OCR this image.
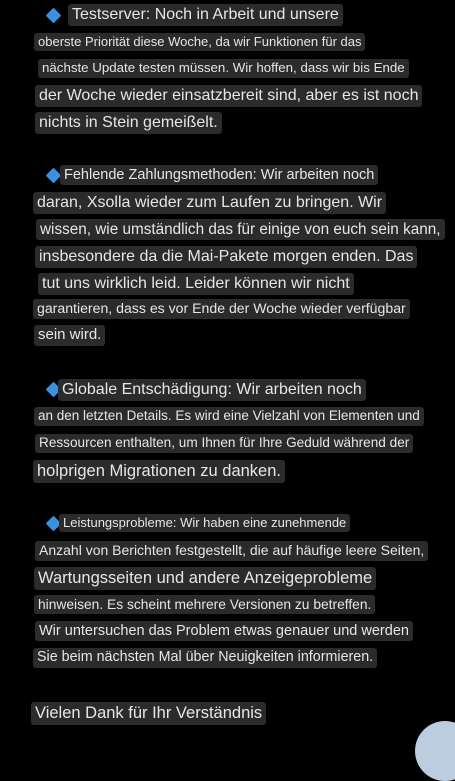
Testserver: Noch in Arbeit und unsere
oberste Priorität diese Woche, da wir Funktionen für das
nächste Update testen müssen. Wir hoffen, dass wir bis Ende
der Woche wieder einsatzbereit sind, aber es ist noch
nichts in Stein gemeißelt.
Fehlende Zahlungsmethoden: Wir arbeiten noch
daran, Xsolla wieder zum Laufen zu bringen. Wir
wissen, wie umständlich das für einige von euch sein kann,
insbesondere da die Mai-Pakete morgen enden. Das
tut uns wirklich leid. Leider können wir nicht
garantieren, dass es vor Ende der Woche wieder verfügbar
sein wird.
Globale Entschädigung: Wir arbeiten noch
an den letzten Details. Es wird eine Vielzahl von Elementen und
Ressourcen enthalten, um Ihnen für Ihre Geduld während der
holprigen Migrationen zu danken.
Leistungsprobleme: Wir haben eine zunehmende
Anzahl von Berichten festgestellt, die auf häufige leere Seiten,
Wartungsseiten und andere Anzeigeprobleme
hinweisen. Es scheint mehrere Versionen zu betreffen.
Wir untersuchen das Problem etwas genauer und werden
Sie beim nächsten Mal über Neuigkeiten informieren.
Vielen Dank für Ihr Verständnis
